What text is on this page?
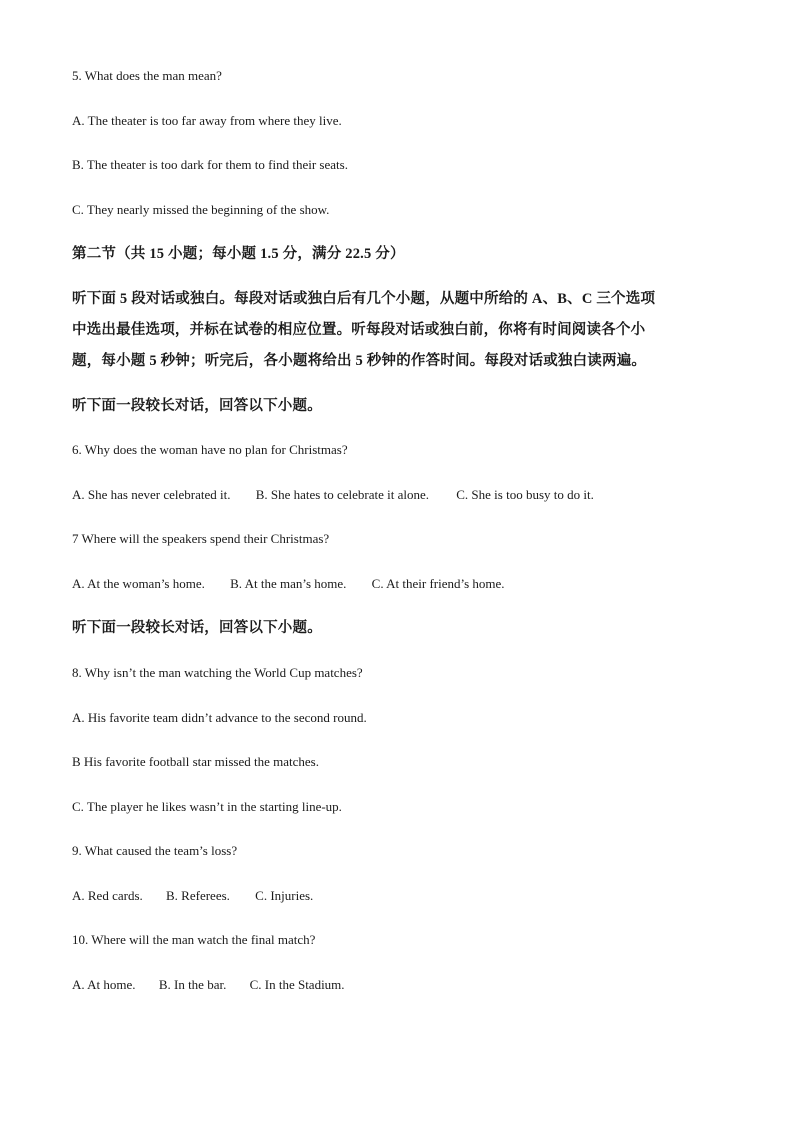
5. What does the man mean?
A. The theater is too far away from where they live.
B. The theater is too dark for them to find their seats.
C. They nearly missed the beginning of the show.
第二节（共 15 小题；每小题 1.5 分，满分 22.5 分）
听下面 5 段对话或独白。每段对话或独白后有几个小题，从题中所给的 A、B、C 三个选项
中选出最佳选项，并标在试卷的相应位置。听每段对话或独白前，你将有时间阅读各个小
题，每小题 5 秒钟；听完后，各小题将给出 5 秒钟的作答时间。每段对话或独白读两遍。
听下面一段较长对话，回答以下小题。
6. Why does the woman have no plan for Christmas?
A. She has never celebrated it. B. She hates to celebrate it alone. C. She is too busy to do it.
7 Where will the speakers spend their Christmas?
A. At the woman’s home. B. At the man’s home. C. At their friend’s home.
听下面一段较长对话，回答以下小题。
8. Why isn’t the man watching the World Cup matches?
A. His favorite team didn’t advance to the second round.
B His favorite football star missed the matches.
C. The player he likes wasn’t in the starting line-up.
9. What caused the team’s loss?
A. Red cards. B. Referees. C. Injuries.
10. Where will the man watch the final match?
A. At home. B. In the bar. C. In the Stadium.
